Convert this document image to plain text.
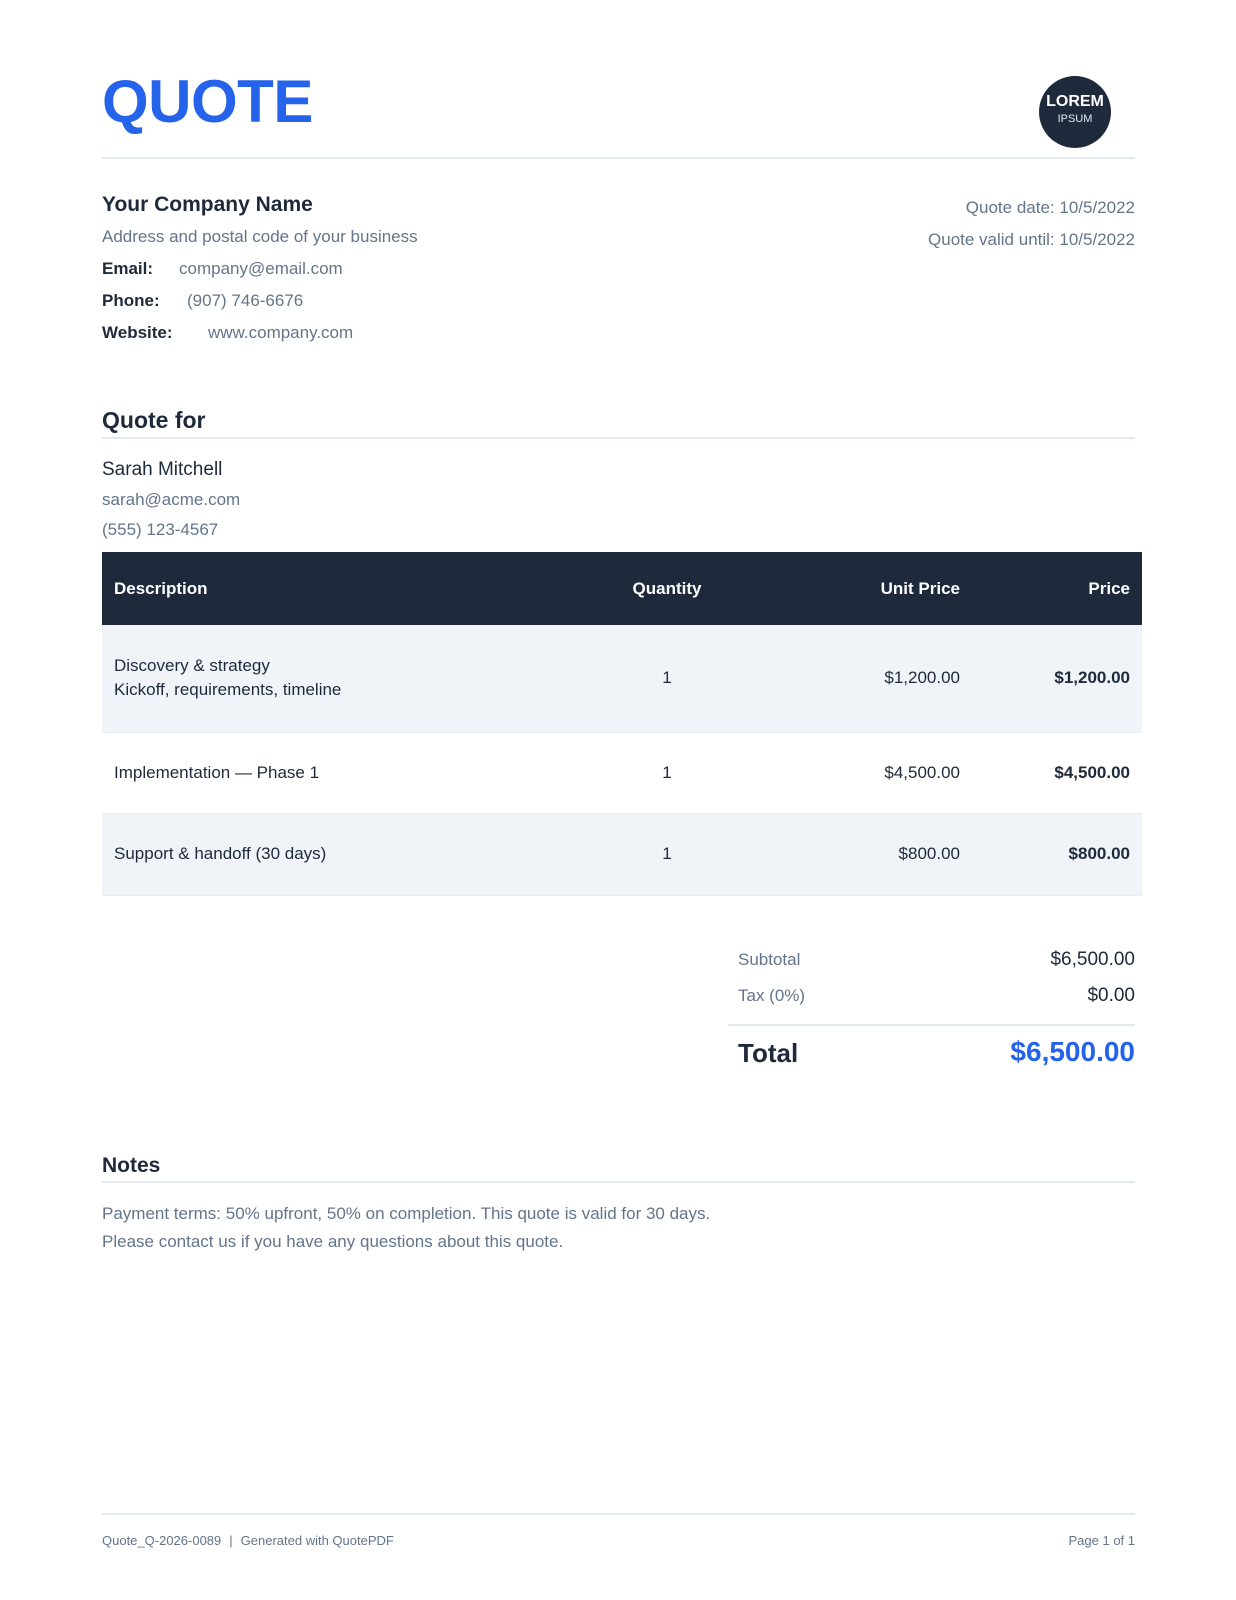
QUOTE	LOREM
IPSUM
Your Company Name
Address and postal code of your business
Email: company@email.com
Phone: (907) 746-6676
Website: www.company.com
Quote date: 10/5/2022
Quote valid until: 10/5/2022
Quote for
Sarah Mitchell
sarah@acme.com
(555) 123-4567
Description	Quantity	Unit Price	Price

Discovery & strategy
Kickoff, requirements, timeline	1	$1,200.00	$1,200.00
Implementation — Phase 1	1	$4,500.00	$4,500.00
Support & handoff (30 days)	1	$800.00	$800.00
Subtotal	$6,500.00
Tax (0%)	$0.00
Total	$6,500.00
Notes
Payment terms: 50% upfront, 50% on completion. This quote is valid for 30 days.
Please contact us if you have any questions about this quote.
Quote_Q-2026-0089 | Generated with QuotePDF	Page 1 of 1
